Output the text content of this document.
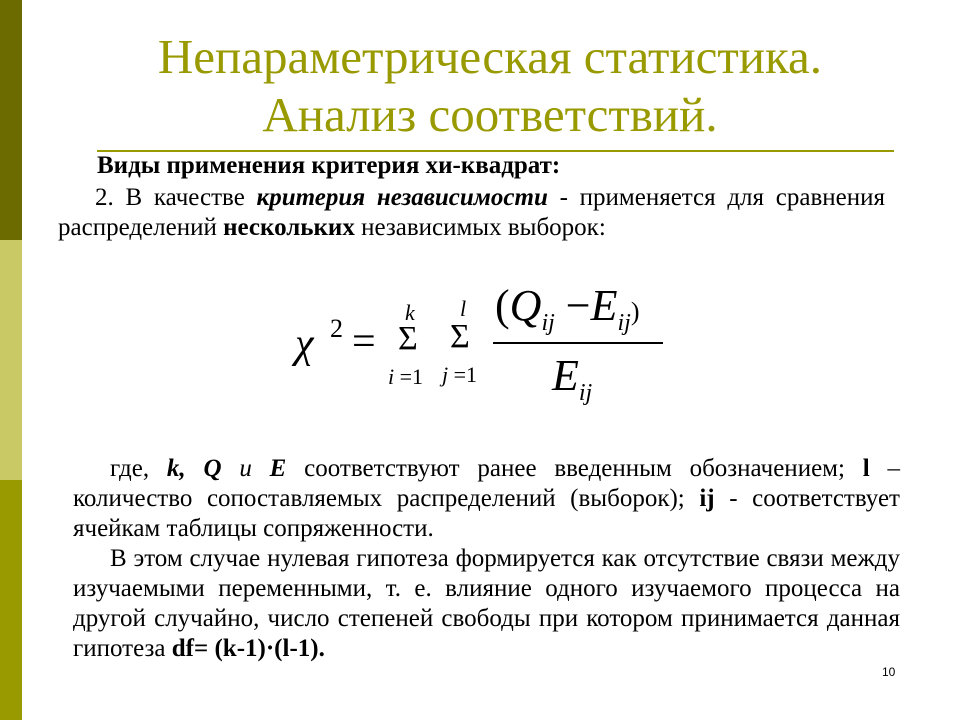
Непараметрическая статистика.
Анализ соответствий.
Виды применения критерия хи-квадрат:
2. В качестве критерия независимости - применяется для сравнения распределений нескольких независимых выборок:
χ 2 =
k
Σ
i =1
l
Σ
j =1
$(Q_{ij} -E_{ij})$
$E_{ij}$
где, k, Q и E соответствуют ранее введенным обозначением; l – количество сопоставляемых распределений (выборок); ij - соответствует ячейкам таблицы сопряженности.
В этом случае нулевая гипотеза формируется как отсутствие связи между изучаемыми переменными, т. е. влияние одного изучаемого процесса на другой случайно, число степеней свободы при котором принимается данная гипотеза df= (k-1)·(l-1).
10
